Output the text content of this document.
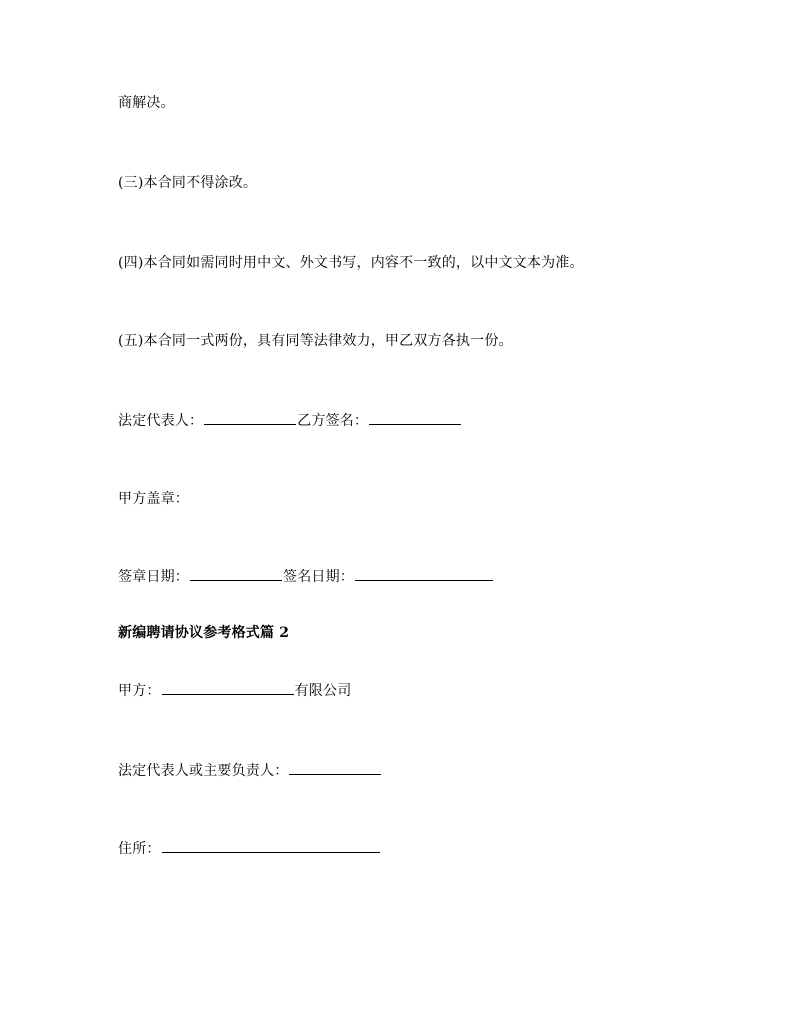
商解决。
(三)本合同不得涂改。
(四)本合同如需同时用中文、外文书写，内容不一致的，以中文文本为准。
(五)本合同一式两份，具有同等法律效力，甲乙双方各执一份。
法定代表人：	乙方签名：
甲方盖章：
签章日期：	签名日期：
新编聘请协议参考格式篇 2
甲方：	有限公司
法定代表人或主要负责人：
住所：
